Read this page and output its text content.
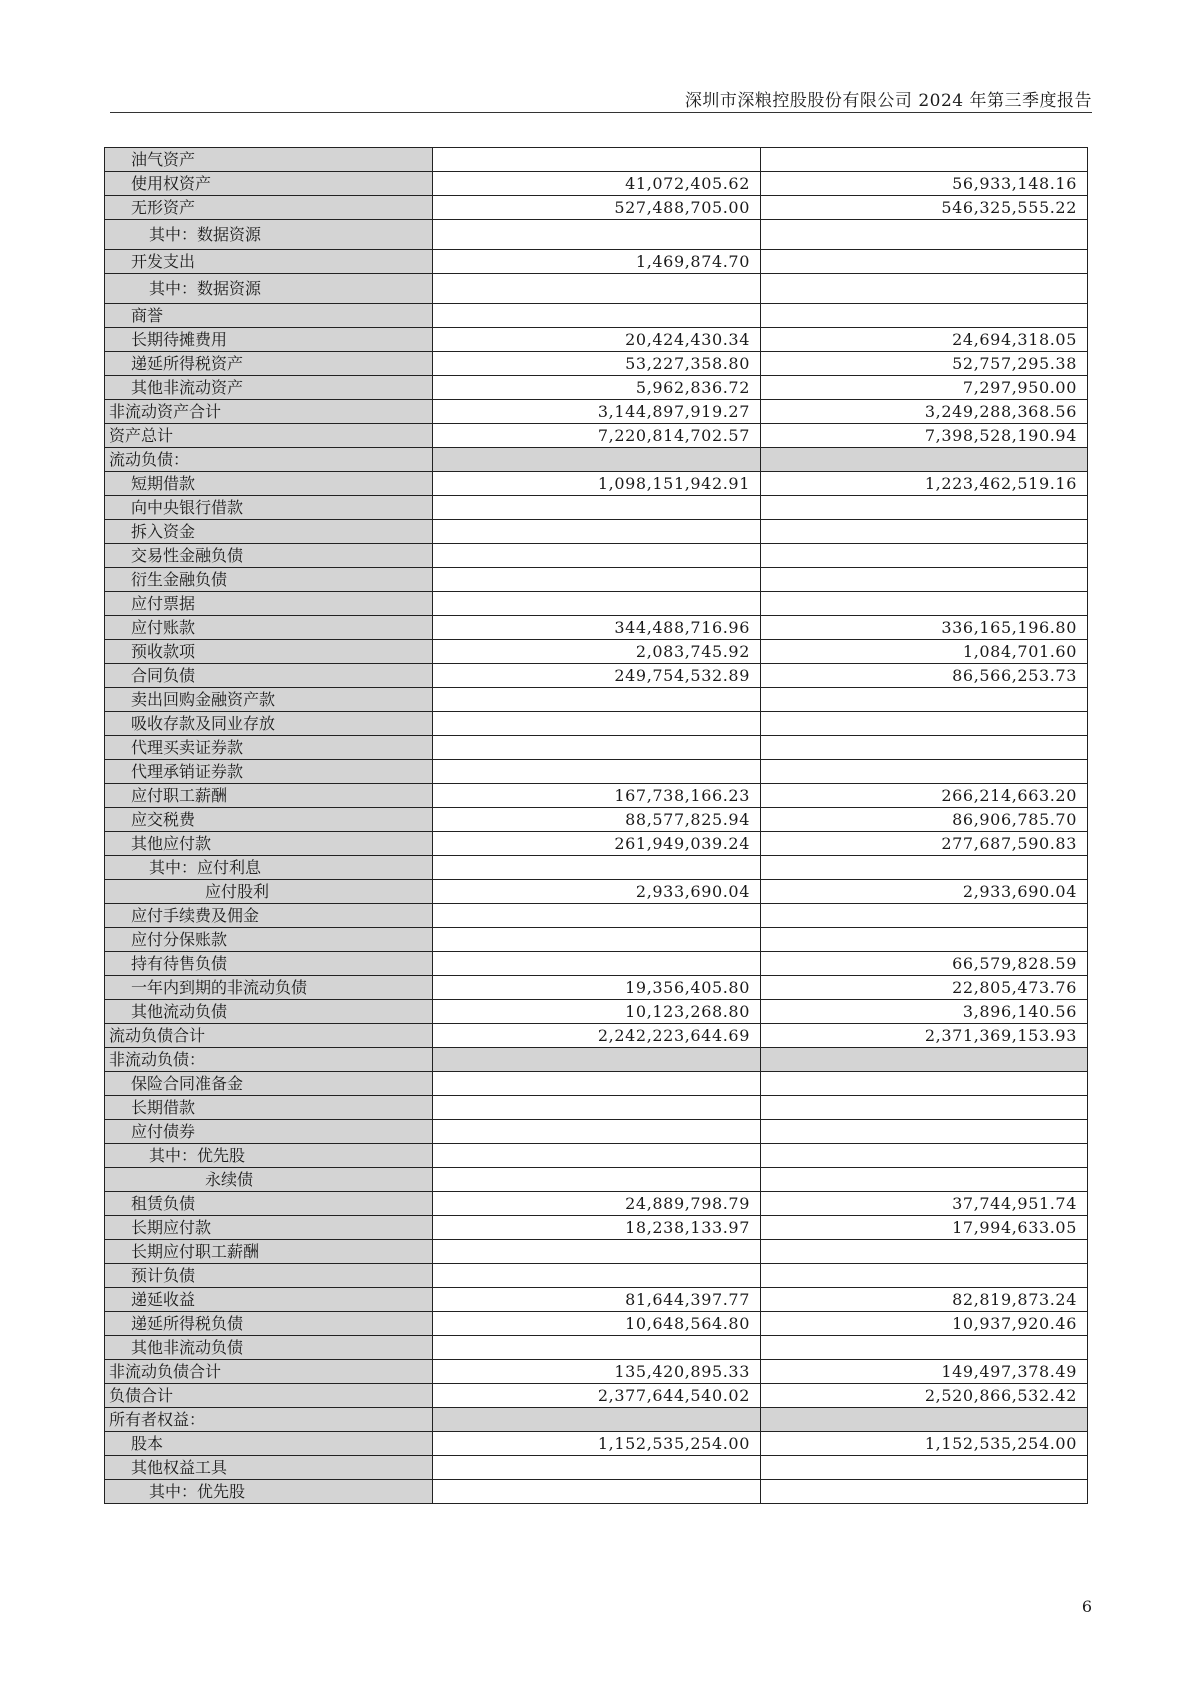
深圳市深粮控股股份有限公司 2024 年第三季度报告
油气资产		
使用权资产	41,072,405.62	56,933,148.16
无形资产	527,488,705.00	546,325,555.22
其中：数据资源		
开发支出	1,469,874.70	
其中：数据资源		
商誉		
长期待摊费用	20,424,430.34	24,694,318.05
递延所得税资产	53,227,358.80	52,757,295.38
其他非流动资产	5,962,836.72	7,297,950.00
非流动资产合计	3,144,897,919.27	3,249,288,368.56
资产总计	7,220,814,702.57	7,398,528,190.94
流动负债：		
短期借款	1,098,151,942.91	1,223,462,519.16
向中央银行借款		
拆入资金		
交易性金融负债		
衍生金融负债		
应付票据		
应付账款	344,488,716.96	336,165,196.80
预收款项	2,083,745.92	1,084,701.60
合同负债	249,754,532.89	86,566,253.73
卖出回购金融资产款		
吸收存款及同业存放		
代理买卖证券款		
代理承销证券款		
应付职工薪酬	167,738,166.23	266,214,663.20
应交税费	88,577,825.94	86,906,785.70
其他应付款	261,949,039.24	277,687,590.83
其中：应付利息		
应付股利	2,933,690.04	2,933,690.04
应付手续费及佣金		
应付分保账款		
持有待售负债		66,579,828.59
一年内到期的非流动负债	19,356,405.80	22,805,473.76
其他流动负债	10,123,268.80	3,896,140.56
流动负债合计	2,242,223,644.69	2,371,369,153.93
非流动负债：		
保险合同准备金		
长期借款		
应付债券		
其中：优先股		
永续债		
租赁负债	24,889,798.79	37,744,951.74
长期应付款	18,238,133.97	17,994,633.05
长期应付职工薪酬		
预计负债		
递延收益	81,644,397.77	82,819,873.24
递延所得税负债	10,648,564.80	10,937,920.46
其他非流动负债		
非流动负债合计	135,420,895.33	149,497,378.49
负债合计	2,377,644,540.02	2,520,866,532.42
所有者权益：		
股本	1,152,535,254.00	1,152,535,254.00
其他权益工具		
其中：优先股		
6
